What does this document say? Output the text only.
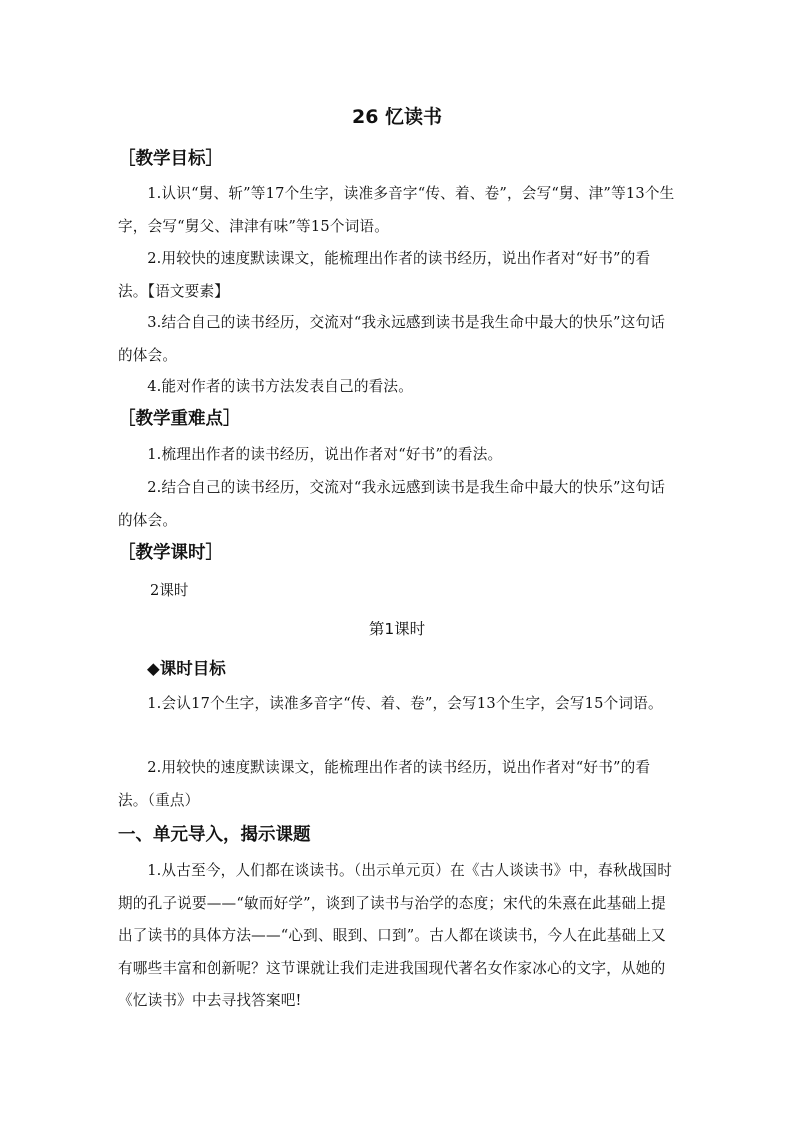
26 忆读书
［教学目标］
1.认识“舅、斩”等17个生字，读准多音字“传、着、卷”，会写“舅、津”等13个生字，会写“舅父、津津有味”等15个词语。
2.用较快的速度默读课文，能梳理出作者的读书经历，说出作者对“好书”的看法。【语文要素】
3.结合自己的读书经历，交流对“我永远感到读书是我生命中最大的快乐”这句话的体会。
4.能对作者的读书方法发表自己的看法。
［教学重难点］
1.梳理出作者的读书经历，说出作者对“好书”的看法。
2.结合自己的读书经历，交流对“我永远感到读书是我生命中最大的快乐”这句话的体会。
［教学课时］
2课时
第1课时
◆课时目标
1.会认17个生字，读准多音字“传、着、卷”，会写13个生字，会写15个词语。
2.用较快的速度默读课文，能梳理出作者的读书经历，说出作者对“好书”的看法。（重点）
一、单元导入，揭示课题
1.从古至今，人们都在谈读书。（出示单元页）在《古人谈读书》中，春秋战国时期的孔子说要——“敏而好学”，谈到了读书与治学的态度；宋代的朱熹在此基础上提出了读书的具体方法——“心到、眼到、口到”。古人都在谈读书，今人在此基础上又有哪些丰富和创新呢？这节课就让我们走进我国现代著名女作家冰心的文字，从她的《忆读书》中去寻找答案吧!
